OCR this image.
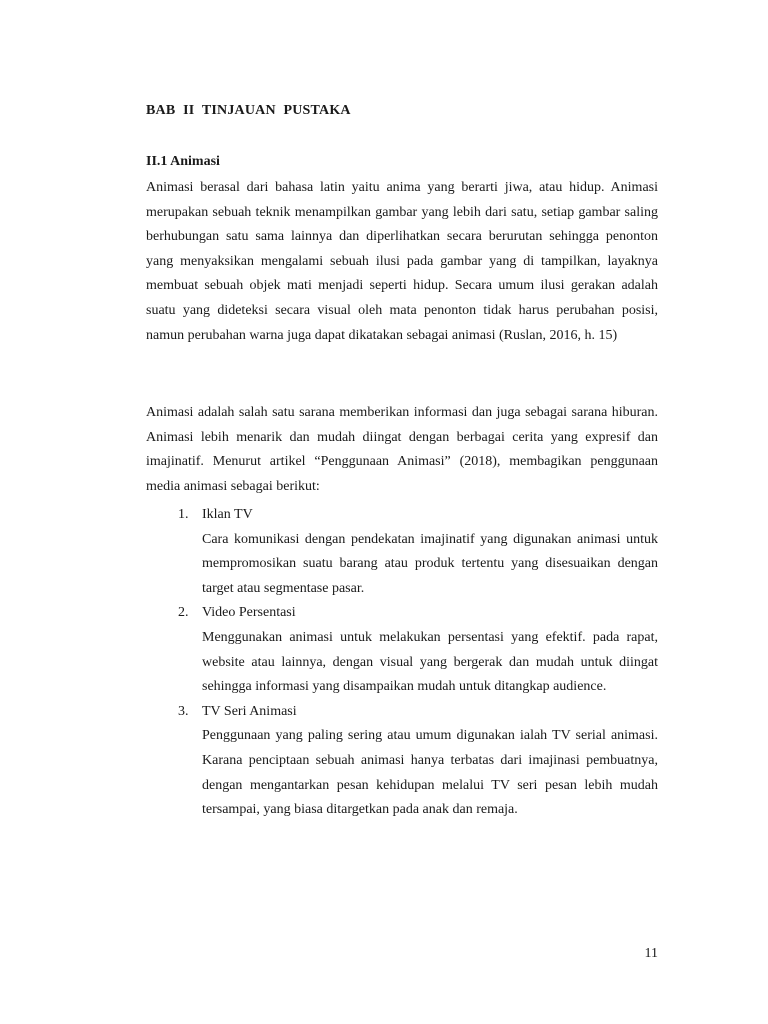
BAB II TINJAUAN PUSTAKA
II.1 Animasi

Animasi berasal dari bahasa latin yaitu anima yang berarti jiwa, atau hidup. Animasi merupakan sebuah teknik menampilkan gambar yang lebih dari satu, setiap gambar saling berhubungan satu sama lainnya dan diperlihatkan secara berurutan sehingga penonton yang menyaksikan mengalami sebuah ilusi pada gambar yang di tampilkan, layaknya membuat sebuah objek mati menjadi seperti hidup. Secara umum ilusi gerakan adalah suatu yang dideteksi secara visual oleh mata penonton tidak harus perubahan posisi, namun perubahan warna juga dapat dikatakan sebagai animasi (Ruslan, 2016, h. 15)

Animasi adalah salah satu sarana memberikan informasi dan juga sebagai sarana hiburan. Animasi lebih menarik dan mudah diingat dengan berbagai cerita yang expresif dan imajinatif. Menurut artikel “Penggunaan Animasi” (2018), membagikan penggunaan media animasi sebagai berikut:

1. Iklan TV

Cara komunikasi dengan pendekatan imajinatif yang digunakan animasi untuk mempromosikan suatu barang atau produk tertentu yang disesuaikan dengan target atau segmentase pasar.

2. Video Persentasi

Menggunakan animasi untuk melakukan persentasi yang efektif. pada rapat, website atau lainnya, dengan visual yang bergerak dan mudah untuk diingat sehingga informasi yang disampaikan mudah untuk ditangkap audience.

3. TV Seri Animasi

Penggunaan yang paling sering atau umum digunakan ialah TV serial animasi. Karana penciptaan sebuah animasi hanya terbatas dari imajinasi pembuatnya, dengan mengantarkan pesan kehidupan melalui TV seri pesan lebih mudah tersampai, yang biasa ditargetkan pada anak dan remaja.

11
